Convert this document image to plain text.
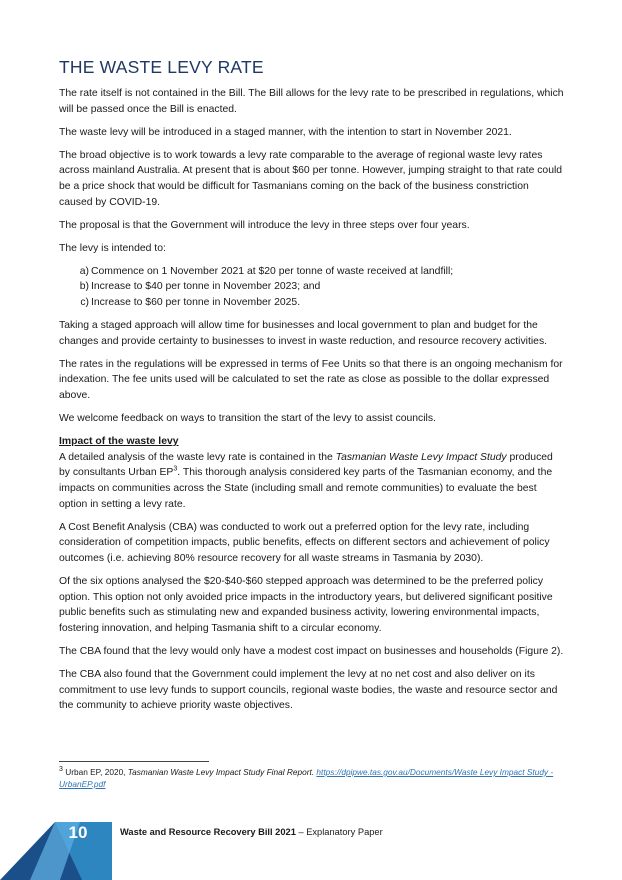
THE WASTE LEVY RATE

The rate itself is not contained in the Bill. The Bill allows for the levy rate to be prescribed in regulations, which will be passed once the Bill is enacted.

The waste levy will be introduced in a staged manner, with the intention to start in November 2021.

The broad objective is to work towards a levy rate comparable to the average of regional waste levy rates across mainland Australia. At present that is about $60 per tonne. However, jumping straight to that rate could be a price shock that would be difficult for Tasmanians coming on the back of the business constriction caused by COVID-19.

The proposal is that the Government will introduce the levy in three steps over four years.

The levy is intended to:

a) Commence on 1 November 2021 at $20 per tonne of waste received at landfill;
b) Increase to $40 per tonne in November 2023; and
c) Increase to $60 per tonne in November 2025.

Taking a staged approach will allow time for businesses and local government to plan and budget for the changes and provide certainty to businesses to invest in waste reduction, and resource recovery activities.

The rates in the regulations will be expressed in terms of Fee Units so that there is an ongoing mechanism for indexation. The fee units used will be calculated to set the rate as close as possible to the dollar expressed above.

We welcome feedback on ways to transition the start of the levy to assist councils.

Impact of the waste levy

A detailed analysis of the waste levy rate is contained in the Tasmanian Waste Levy Impact Study produced by consultants Urban $EP^3$. This thorough analysis considered key parts of the Tasmanian economy, and the impacts on communities across the State (including small and remote communities) to evaluate the best option in setting a levy rate.

A Cost Benefit Analysis (CBA) was conducted to work out a preferred option for the levy rate, including consideration of competition impacts, public benefits, effects on different sectors and achievement of policy outcomes (i.e. achieving 80% resource recovery for all waste streams in Tasmania by 2030).

Of the six options analysed the $20-$40-$60 stepped approach was determined to be the preferred policy option. This option not only avoided price impacts in the introductory years, but delivered significant positive public benefits such as stimulating new and expanded business activity, lowering environmental impacts, fostering innovation, and helping Tasmania shift to a circular economy.

The CBA found that the levy would only have a modest cost impact on businesses and households (Figure 2).

The CBA also found that the Government could implement the levy at no net cost and also deliver on its commitment to use levy funds to support councils, regional waste bodies, the waste and resource sector and the community to achieve priority waste objectives.

$^3$ Urban EP, 2020, Tasmanian Waste Levy Impact Study Final Report. https://dpipwe.tas.gov.au/Documents/Waste Levy Impact Study - UrbanEP.pdf
10	Waste and Resource Recovery Bill 2021 – Explanatory Paper
